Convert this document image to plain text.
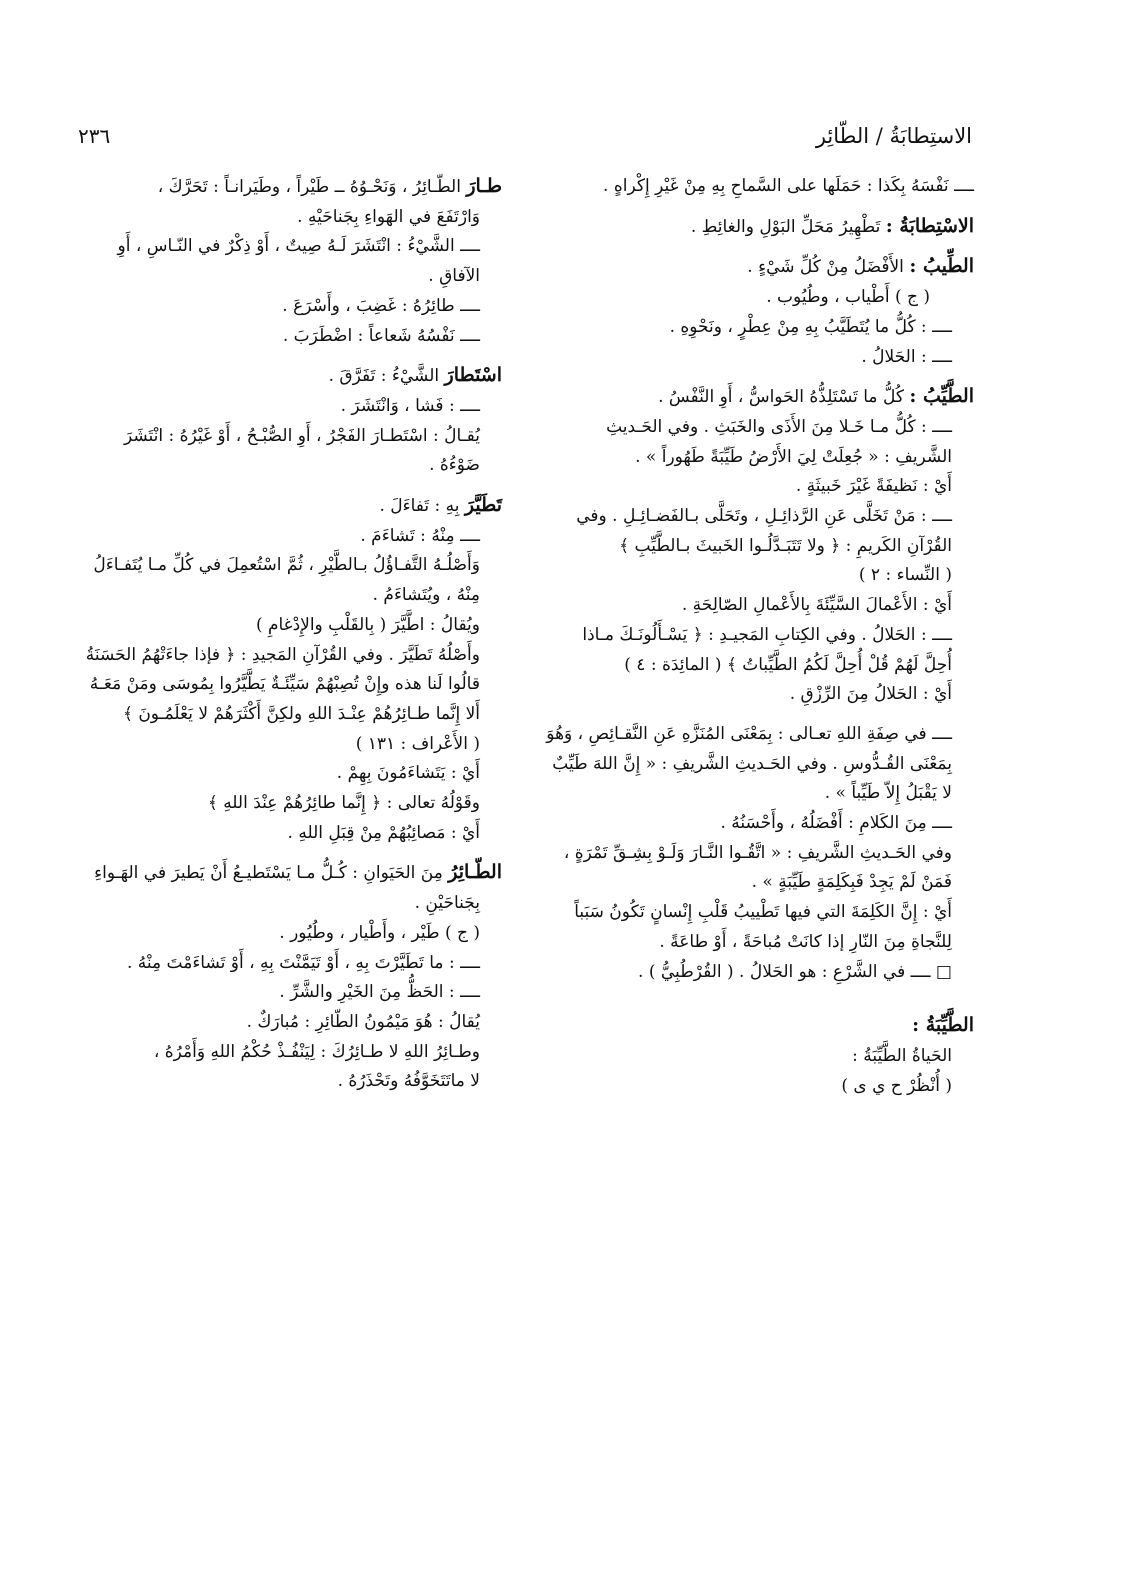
الاستِطابَةُ / الطّائِر
٢٣٦

ــــ نَفْسَهُ بِكَذا : حَمَلَها على السَّماحِ بِهِ مِنْ غَيْرِ إِكْراهٍ .

الاسْتِطابَةُ : تَطْهِيرُ مَحَلِّ البَوْلِ والغائِطِ .

الطِّيبُ : الأَفْضَلُ مِنْ كُلِّ شَيْءٍ .

( ج ) أَطْياب ، وطُيُوب .

ــــ : كُلُّ ما يُتَطَيَّبُ بِهِ مِنْ عِطْرٍ ، ونَحْوِهِ .

ــــ : الحَلالُ .

الطَّيِّبُ : كُلُّ ما تَسْتَلِذُّهُ الحَواسُّ ، أَوِ النَّفْسُ .

ــــ : كُلُّ مـا خَـلا مِنَ الأَذَى والخَبَثِ . وفي الحَـديثِ

الشَّريفِ : « جُعِلَتْ لِيَ الأَرْضُ طَيِّبَةً طَهُوراً » .

أَيْ : نَظيفَةً غَيْرَ خَبيثَةٍ .

ــــ : مَنْ تَخَلَّى عَنِ الرَّذائِـلِ ، وتَحَلَّى بـالفَضـائِـلِ . وفي

القُرْآنِ الكَريمِ : ﴿ ولا تَتَبَـدَّلُـوا الخَبيثَ بـالطَّيِّبِ ﴾

( النِّساء : ٢ )

أَيْ : الأَعْمالَ السَّيِّئَةَ بِالأَعْمالِ الصّالِحَةِ .

ــــ : الحَلالُ . وفي الكِتابِ المَجيـدِ : ﴿ يَسْـأَلُونَـكَ مـاذا

أُحِلَّ لَهُمْ قُلْ أُحِلَّ لَكُمُ الطَّيِّباتُ ﴾ ( المائِدَة : ٤ )

أَيْ : الحَلالُ مِنَ الرِّزْقِ .

ــــ في صِفَةِ اللهِ تعـالى : بِمَعْنَى المُنَزَّهِ عَنِ النَّقـائِصِ ، وَهُوَ

بِمَعْنَى القُـدُّوسِ . وفي الحَـديثِ الشَّريفِ : « إِنَّ اللهَ طَيِّبٌ

لا يَقْبَلُ إِلاّ طَيِّباً » .

ــــ مِنَ الكَلامِ : أَفْضَلُهُ ، وأَحْسَنُهُ .

وفي الحَـديثِ الشَّريفِ : « اتَّقُـوا النَّـارَ وَلَـوْ بِشِـقِّ تَمْرَةٍ ،

فَمَنْ لَمْ يَجِدْ فَبِكَلِمَةٍ طَيِّبَةٍ » .

أَيْ : إِنَّ الكَلِمَةَ التي فيها تَطْييبُ قَلْبِ إِنْسانٍ تَكُونُ سَبَباً

لِلنَّجاةِ مِنَ النّارِ إذا كانَتْ مُباحَةً ، أَوْ طاعَةً .

□ ــــ في الشَّرْعِ : هو الحَلالُ . ( القُرْطُبِيُّ ) .

الطَّيِّبَةُ :

الحَياةُ الطَّيِّبَةُ :

( أُنْظُرْ ح ي ى )

طـارَ الطّـائِرُ ، وَنَحْـوُهُ ــ طَيْراً ، وطَيَرانـاً : تَحَرَّكَ ،

وَارْتَفَعَ في الهَواءِ بِجَناحَيْهِ .

ــــ الشَّيْءُ : انْتَشَرَ لَـهُ صِيتٌ ، أَوْ ذِكْرٌ في النّـاسِ ، أَوِ

الآفاقِ .

ــــ طائِرُهُ : غَضِبَ ، وأَسْرَعَ .

ــــ نَفْسُهُ شَعاعاً : اضْطَرَبَ .

اسْتَطارَ الشَّيْءُ : تَفَرَّقَ .

ــــ : فَشا ، وَانْتَشَرَ .

يُقـالُ : اسْتَطـارَ الفَجْرُ ، أَوِ الصُّبْـحُ ، أَوْ غَيْرُهُ : انْتَشَرَ

ضَوْءُهُ .

تَطَيَّرَ بِهِ : تَفاءَلَ .

ــــ مِنْهُ : تَشاءَمَ .

وَأَصْلُـهُ التَّفـاؤُلُ بـالطَّيْرِ ، ثُمَّ اسْتُعمِلَ في كُلِّ مـا يُتَفـاءَلُ

مِنْهُ ، ويُتَشاءَمُ .

ويُقالُ : اطَّيَّرَ ( بِالقَلْبِ والإِدْغامِ )

وأَصْلُهُ تَطَيَّرَ . وفي القُرْآنِ المَجيدِ : ﴿ فإذا جاءَتْهُمُ الحَسَنَةُ

قالُوا لَنا هذه وإِنْ تُصِبْهُمْ سَيِّئَـةٌ يَطَّيَّرُوا بِمُوسَى ومَنْ مَعَـهُ

أَلا إِنَّما طـائِرُهُمْ عِنْـدَ اللهِ ولكِنَّ أَكْثَرَهُمْ لا يَعْلَمُـونَ ﴾

( الأَعْراف : ١٣١ )

أَيْ : يَتَشاءَمُونَ بِهِمْ .

وقَوْلُهُ تعالى : ﴿ إِنَّما طائِرُهُمْ عِنْدَ اللهِ ﴾

أَيْ : مَصائِبُهُمْ مِنْ قِبَلِ اللهِ .

الطّـائِرُ مِنَ الحَيَوانِ : كُـلُّ مـا يَسْتَطيـعُ أَنْ يَطيرَ في الهَـواءِ

بِجَناحَيْنِ .

( ج ) طَيْر ، وأَطْيار ، وطُيُور .

ــــ : ما تَطَيَّرْتَ بِهِ ، أَوْ تَيَمَّنْتَ بِهِ ، أَوْ تَشاءَمْتَ مِنْهُ .

ــــ : الحَظُّ مِنَ الخَيْرِ والشَّرِّ .

يُقالُ : هُوَ مَيْمُونُ الطّائِرِ : مُبارَكٌ .

وطـائِرُ اللهِ لا طـائِرُكَ : لِيَنْفُـذْ حُكْمُ اللهِ وَأَمْرُهُ ،

لا ماتَتَخَوَّفُهُ وتَحْذَرُهُ .
